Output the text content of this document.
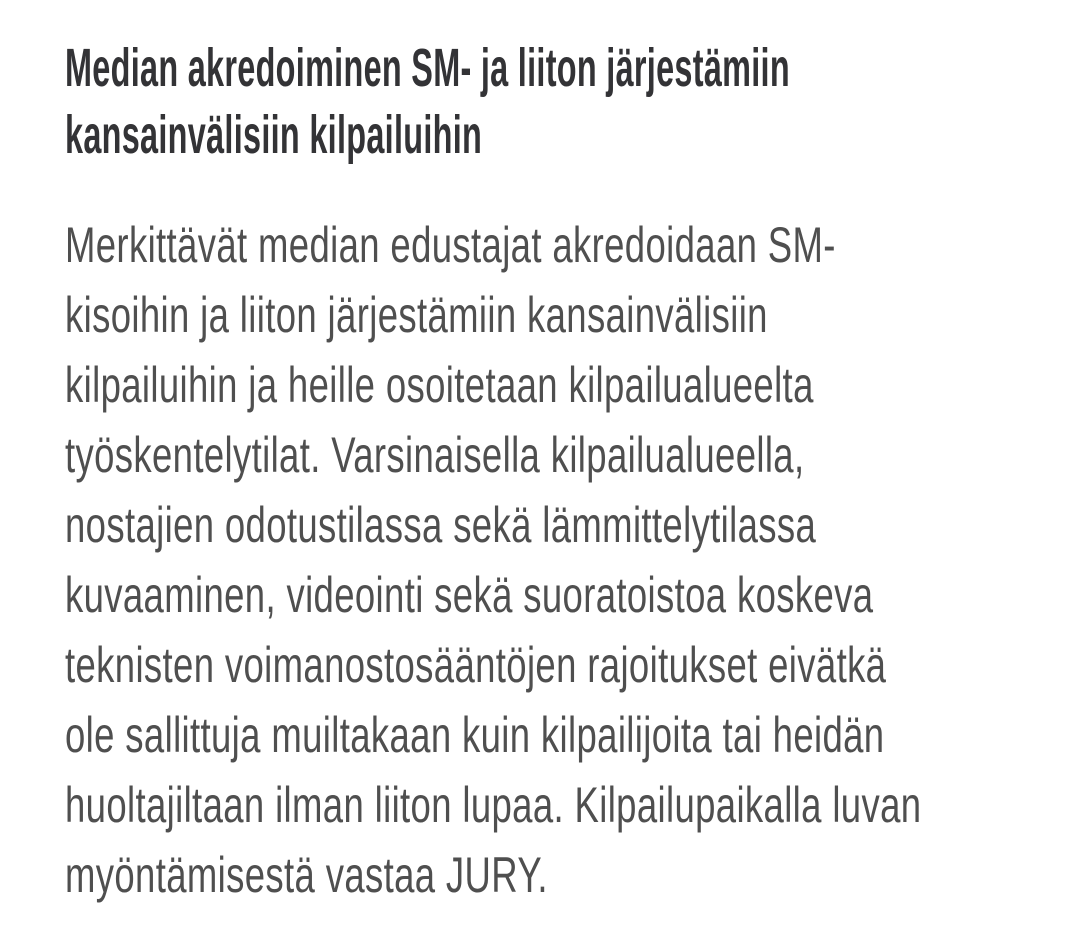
Median akredoiminen SM- ja liiton järjestämiin
kansainvälisiin kilpailuihin
Merkittävät median edustajat akredoidaan SM-
kisoihin ja liiton järjestämiin kansainvälisiin
kilpailuihin ja heille osoitetaan kilpailualueelta
työskentelytilat. Varsinaisella kilpailualueella,
nostajien odotustilassa sekä lämmittelytilassa
kuvaaminen, videointi sekä suoratoistoa koskeva
teknisten voimanostosääntöjen rajoitukset eivätkä
ole sallittuja muiltakaan kuin kilpailijoita tai heidän
huoltajiltaan ilman liiton lupaa. Kilpailupaikalla luvan
myöntämisestä vastaa JURY.
